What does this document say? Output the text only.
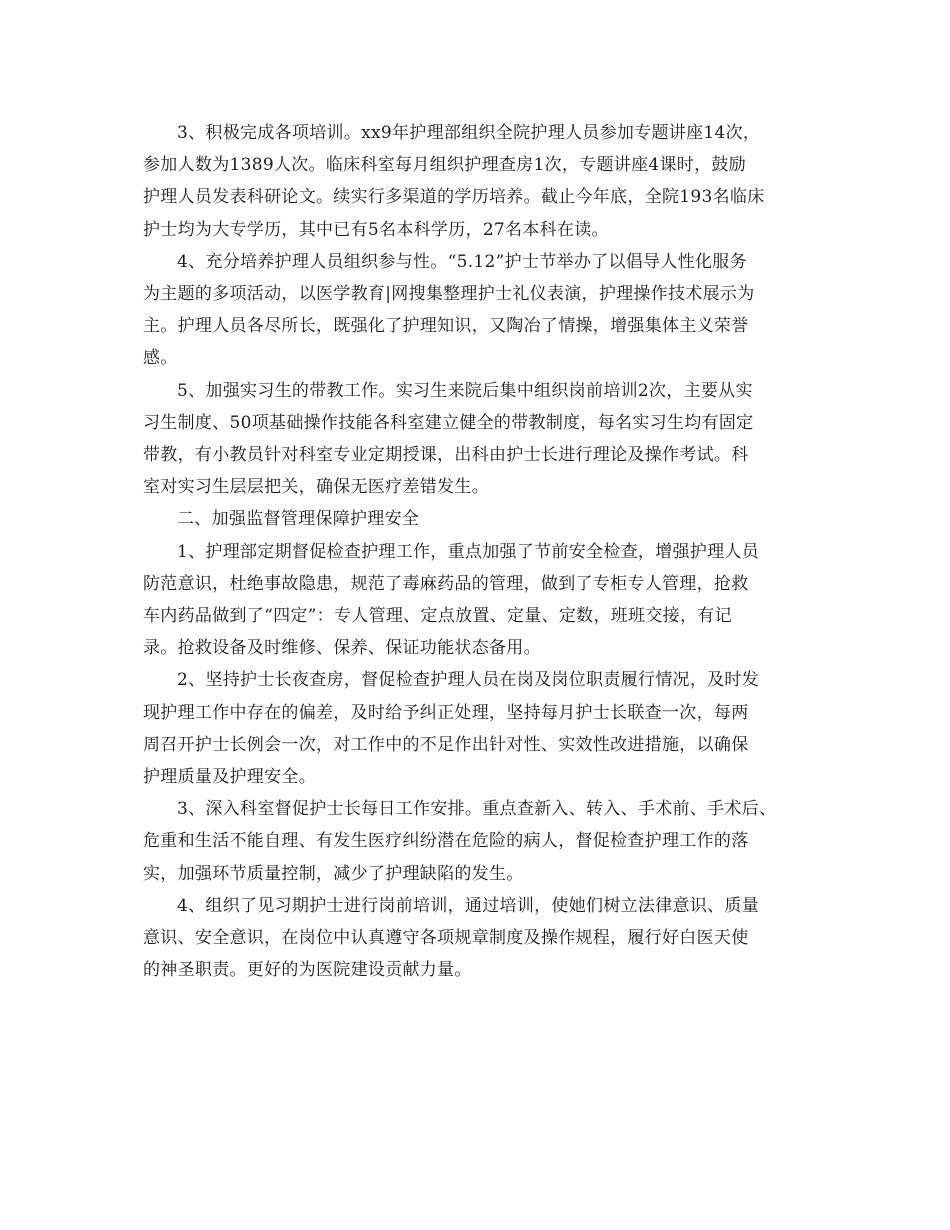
3、积极完成各项培训。xx9年护理部组织全院护理人员参加专题讲座14次，
参加人数为1389人次。临床科室每月组织护理查房1次，专题讲座4课时，鼓励
护理人员发表科研论文。续实行多渠道的学历培养。截止今年底，全院193名临床
护士均为大专学历，其中已有5名本科学历，27名本科在读。
4、充分培养护理人员组织参与性。“5.12”护士节举办了以倡导人性化服务
为主题的多项活动，以医学教育|网搜集整理护士礼仪表演，护理操作技术展示为
主。护理人员各尽所长，既强化了护理知识，又陶冶了情操，增强集体主义荣誉
感。
5、加强实习生的带教工作。实习生来院后集中组织岗前培训2次，主要从实
习生制度、50项基础操作技能各科室建立健全的带教制度，每名实习生均有固定
带教，有小教员针对科室专业定期授课，出科由护士长进行理论及操作考试。科
室对实习生层层把关，确保无医疗差错发生。
二、加强监督管理保障护理安全
1、护理部定期督促检查护理工作，重点加强了节前安全检查，增强护理人员
防范意识，杜绝事故隐患，规范了毒麻药品的管理，做到了专柜专人管理，抢救
车内药品做到了“四定”：专人管理、定点放置、定量、定数，班班交接，有记
录。抢救设备及时维修、保养、保证功能状态备用。
2、坚持护士长夜查房，督促检查护理人员在岗及岗位职责履行情况，及时发
现护理工作中存在的偏差，及时给予纠正处理，坚持每月护士长联查一次，每两
周召开护士长例会一次，对工作中的不足作出针对性、实效性改进措施，以确保
护理质量及护理安全。
3、深入科室督促护士长每日工作安排。重点查新入、转入、手术前、手术后、
危重和生活不能自理、有发生医疗纠纷潜在危险的病人，督促检查护理工作的落
实，加强环节质量控制，减少了护理缺陷的发生。
4、组织了见习期护士进行岗前培训，通过培训，使她们树立法律意识、质量
意识、安全意识，在岗位中认真遵守各项规章制度及操作规程，履行好白医天使
的神圣职责。更好的为医院建设贡献力量。
